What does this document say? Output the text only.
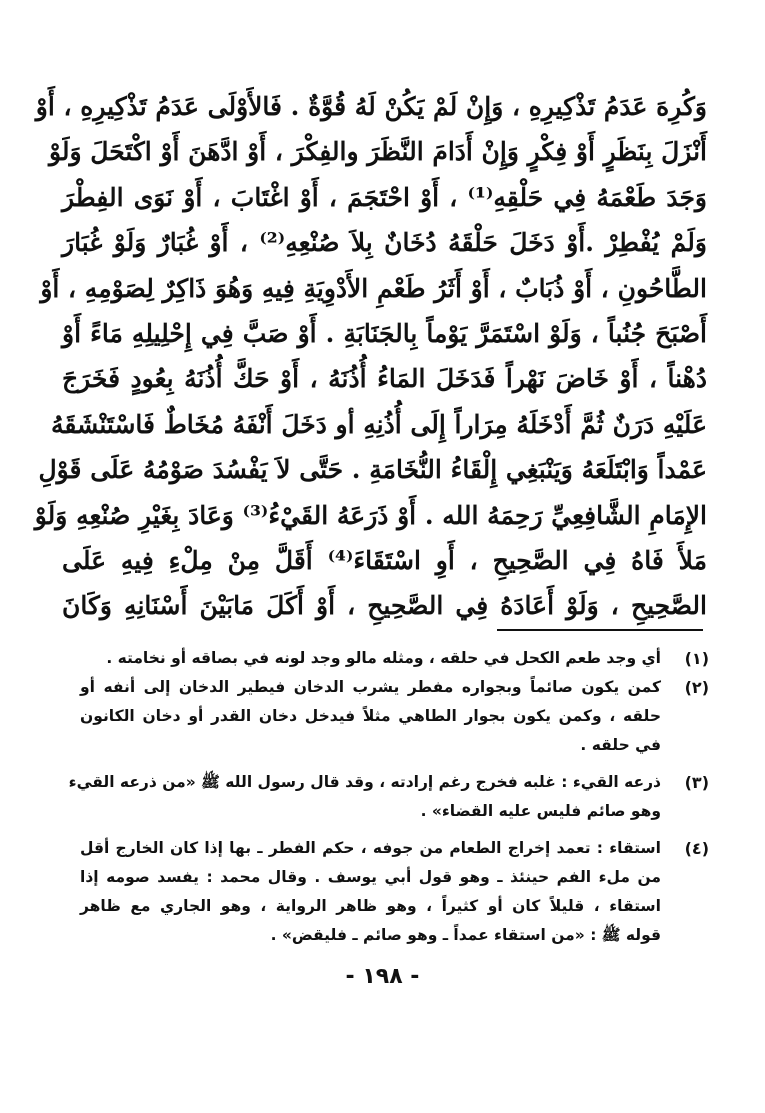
وَكُرِهَ عَدَمُ تَذْكِيرِهِ ، وَإِنْ لَمْ يَكُنْ لَهُ قُوَّةٌ . فَالأَوْلَى عَدَمُ تَذْكِيرِهِ ، أَوْ
أَنْزَلَ بِنَظَرٍ أَوْ فِكْرٍ وَإِنْ أَدَامَ النَّظَرَ والفِكْرَ ، أَوْ ادَّهَنَ أَوْ اكْتَحَلَ وَلَوْ
وَجَدَ طَعْمَهُ فِي حَلْقِهِ⁽¹⁾ ، أَوْ احْتَجَمَ ، أَوْ اغْتَابَ ، أَوْ نَوَى الفِطْرَ
وَلَمْ يُفْطِرْ .أَوْ دَخَلَ حَلْقَهُ دُخَانٌ بِلاَ صُنْعِهِ⁽²⁾ ، أَوْ غُبَارٌ وَلَوْ غُبَارَ
الطَّاحُونِ ، أَوْ ذُبَابٌ ، أَوْ أَثَرُ طَعْمِ الأَدْوِيَةِ فِيهِ وَهُوَ ذَاكِرٌ لِصَوْمِهِ ، أَوْ
أَصْبَحَ جُنُباً ، وَلَوْ اسْتَمَرَّ يَوْماً بِالجَنَابَةِ . أَوْ صَبَّ فِي إِحْلِيلِهِ مَاءً أَوْ
دُهْناً ، أَوْ خَاضَ نَهْراً فَدَخَلَ المَاءُ أُذُنَهُ ، أَوْ حَكَّ أُذُنَهُ بِعُودٍ فَخَرَجَ
عَلَيْهِ دَرَنٌ ثُمَّ أَدْخَلَهُ مِرَاراً إِلَى أُذُنِهِ أو دَخَلَ أَنْفَهُ مُخَاطٌ فَاسْتَنْشَقَهُ
عَمْداً وَابْتَلَعَهُ وَيَنْبَغِي إِلْقَاءُ النُّخَامَةِ . حَتَّى لاَ يَفْسُدَ صَوْمُهُ عَلَى قَوْلِ
الإِمَامِ الشَّافِعِيِّ رَحِمَهُ الله . أَوْ ذَرَعَهُ القَيْءُ⁽³⁾ وَعَادَ بِغَيْرِ صُنْعِهِ وَلَوْ
مَلأَ فَاهُ فِي الصَّحِيحِ ، أَوِ اسْتَقَاءَ⁽⁴⁾ أَقَلَّ مِنْ مِلْءِ فِيهِ عَلَى
الصَّحِيحِ ، وَلَوْ أَعَادَهُ فِي الصَّحِيحِ ، أَوْ أَكَلَ مَابَيْنَ أَسْنَانِهِ وَكَانَ
(١)
أي وجد طعم الكحل في حلقه ، ومثله مالو وجد لونه في بصاقه أو نخامته .
(٢)
كمن يكون صائماً وبجواره مفطر يشرب الدخان فيطير الدخان إلى أنفه أو
حلقه ، وكمن يكون بجوار الطاهي مثلاً فيدخل دخان القدر أو دخان الكانون
في حلقه .
(٣)
ذرعه القيء : غلبه فخرج رغم إرادته ، وقد قال رسول الله ﷺ «من ذرعه القيء
وهو صائم فليس عليه القضاء» .
(٤)
استقاء : تعمد إخراج الطعام من جوفه ، حكم الفطر ـ بها إذا كان الخارج أقل
من ملء الفم حينئذ ـ وهو قول أبي يوسف . وقال محمد : يفسد صومه إذا
استقاء ، قليلاً كان أو كثيراً ، وهو ظاهر الرواية ، وهو الجاري مع ظاهر
قوله ﷺ : «من استقاء عمداً ـ وهو صائم ـ فليقض» .
- ١٩٨ -
